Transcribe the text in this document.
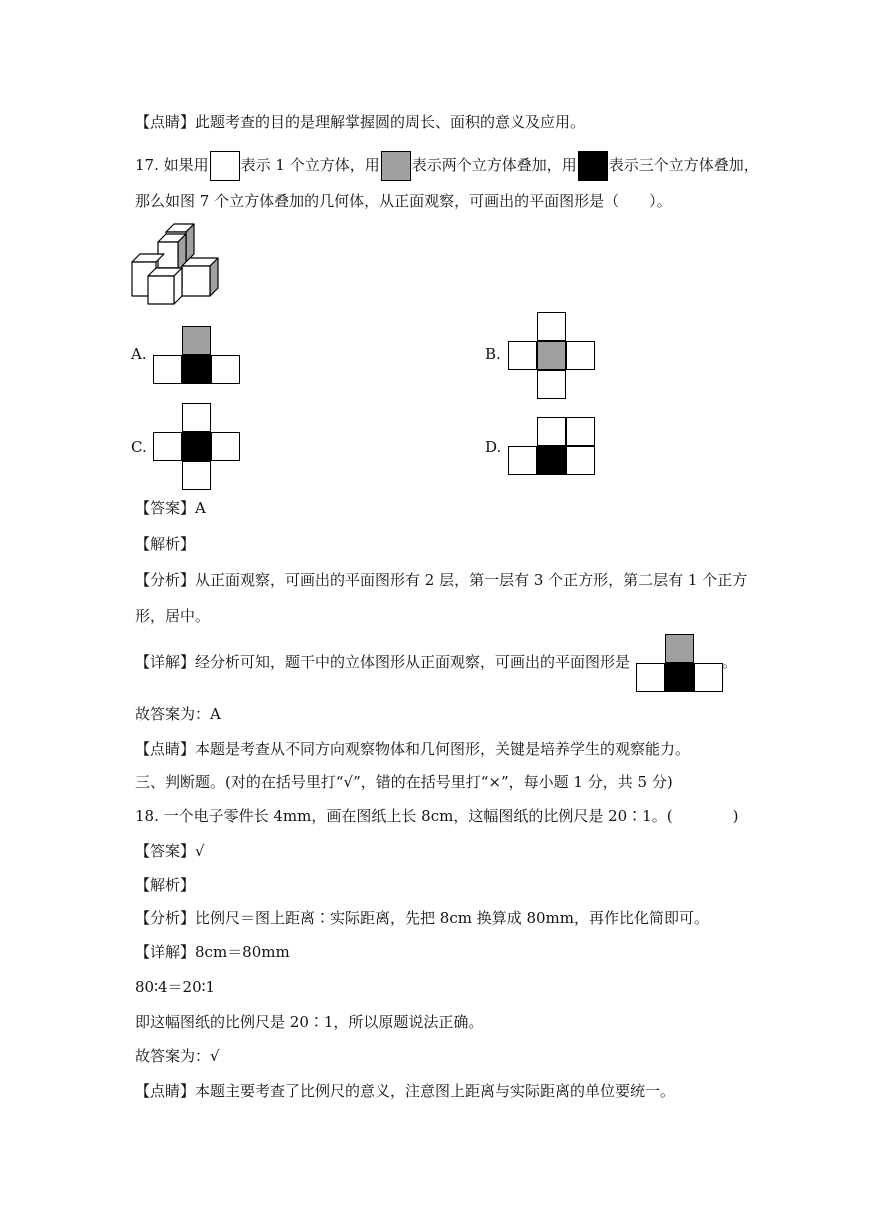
【点睛】此题考查的目的是理解掌握圆的周长、面积的意义及应用。
17. 如果用 表示 1 个立方体，用 表示两个立方体叠加，用 表示三个立方体叠加，
那么如图 7 个立方体叠加的几何体，从正面观察，可画出的平面图形是（　　）。
A.	B.
C.	D.
【答案】A
【解析】
【分析】从正面观察，可画出的平面图形有 2 层，第一层有 3 个正方形，第二层有 1 个正方
形，居中。
【详解】经分析可知，题干中的立体图形从正面观察，可画出的平面图形是	。
故答案为：A
【点睛】本题是考查从不同方向观察物体和几何图形，关键是培养学生的观察能力。
三、判断题。(对的在括号里打“√”，错的在括号里打“×”，每小题 1 分，共 5 分)
18. 一个电子零件长 4mm，画在图纸上长 8cm，这幅图纸的比例尺是 20∶1。(　　　　)
【答案】√
【解析】
【分析】比例尺＝图上距离∶实际距离，先把 8cm 换算成 80mm，再作比化简即可。
【详解】8cm＝80mm
80∶4＝20∶1
即这幅图纸的比例尺是 20∶1，所以原题说法正确。
故答案为：√
【点睛】本题主要考查了比例尺的意义，注意图上距离与实际距离的单位要统一。
